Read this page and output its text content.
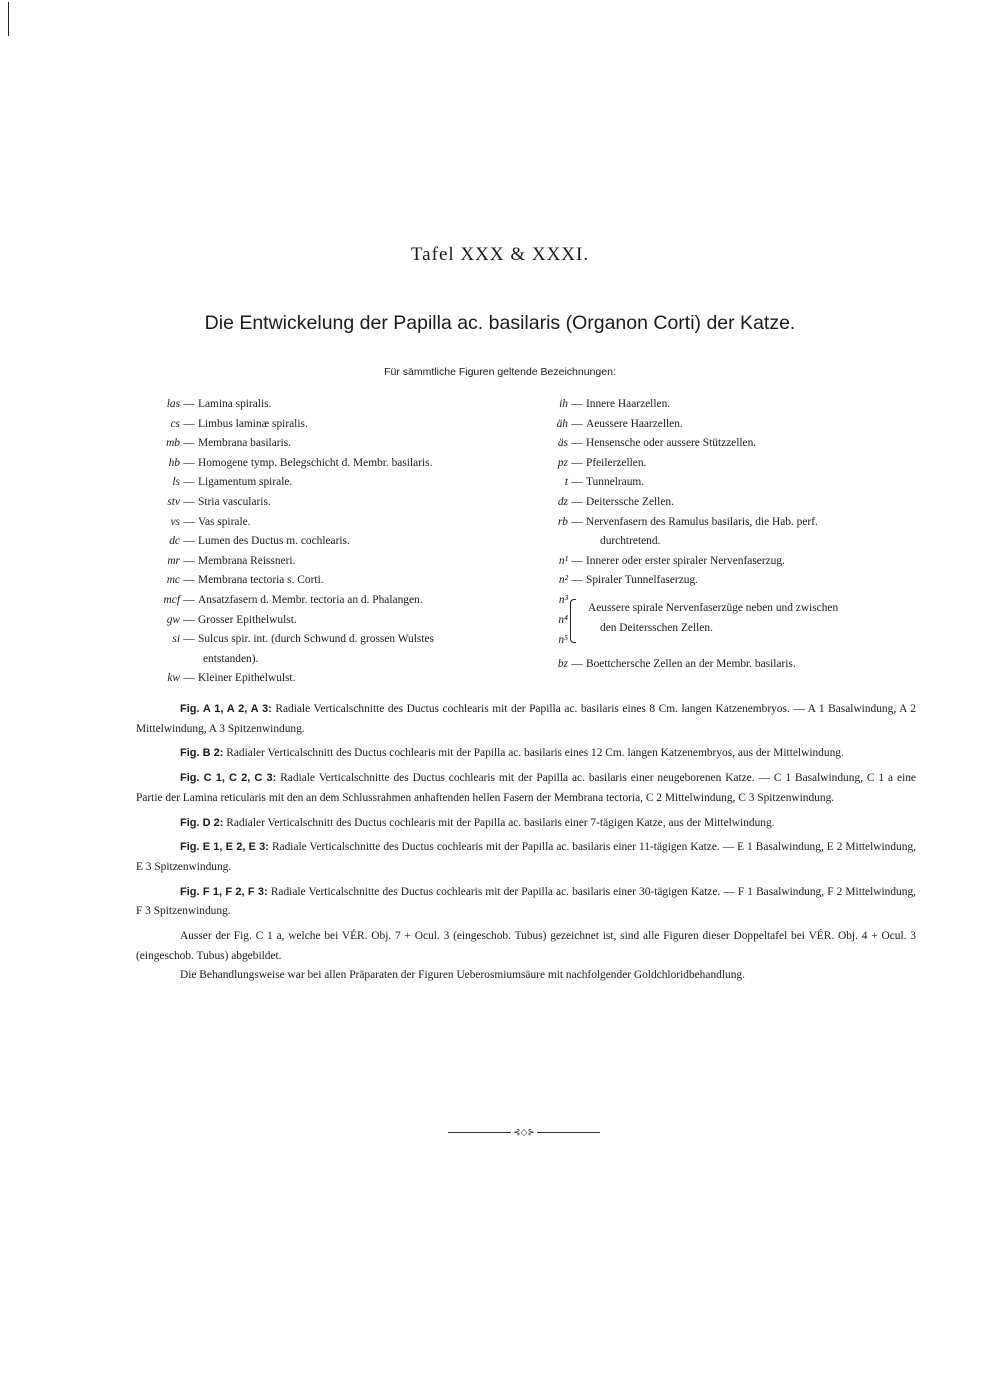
Tafel XXX & XXXI.
Die Entwickelung der Papilla ac. basilaris (Organon Corti) der Katze.
Für sämmtliche Figuren geltende Bezeichnungen:
las — Lamina spiralis.
cs — Limbus laminæ spiralis.
mb — Membrana basilaris.
hb — Homogene tymp. Belegschicht d. Membr. basilaris.
ls — Ligamentum spirale.
stv — Stria vascularis.
vs — Vas spirale.
dc — Lumen des Ductus m. cochlearis.
mr — Membrana Reissneri.
mc — Membrana tectoria s. Corti.
mcf — Ansatzfasern d. Membr. tectoria an d. Phalangen.
gw — Grosser Epithelwulst.
si — Sulcus spir. int. (durch Schwund d. grossen Wulstes
entstanden).
kw — Kleiner Epithelwulst.
ih — Innere Haarzellen.
äh — Aeussere Haarzellen.
äs — Hensensche oder aussere Stützzellen.
pz — Pfeilerzellen.
t — Tunnelraum.
dz — Deiterssche Zellen.
rb — Nervenfasern des Ramulus basilaris, die Hab. perf.
durchtretend.
n¹ — Innerer oder erster spiraler Nervenfaserzug.
n² — Spiraler Tunnelfaserzug.
n³
n⁴
n⁵
Aeussere spirale Nervenfaserzüge neben und zwischen
den Deitersschen Zellen.
bz — Boettchersche Zellen an der Membr. basilaris.

Fig. A 1, A 2, A 3: Radiale Verticalschnitte des Ductus cochlearis mit der Papilla ac. basilaris eines 8 Cm. langen Katzenembryos. — A 1 Basalwindung, A 2 Mittelwindung, A 3 Spitzenwindung.

Fig. B 2: Radialer Verticalschnitt des Ductus cochlearis mit der Papilla ac. basilaris eines 12 Cm. langen Katzenembryos, aus der Mittelwindung.

Fig. C 1, C 2, C 3: Radiale Verticalschnitte des Ductus cochlearis mit der Papilla ac. basilaris einer neugeborenen Katze. — C 1 Basalwindung, C 1 a eine Partie der Lamina reticularis mit den an dem Schlussrahmen anhaftenden hellen Fasern der Membrana tectoria, C 2 Mittelwindung, C 3 Spitzenwindung.

Fig. D 2: Radialer Verticalschnitt des Ductus cochlearis mit der Papilla ac. basilaris einer 7-tägigen Katze, aus der Mittelwindung.

Fig. E 1, E 2, E 3: Radiale Verticalschnitte des Ductus cochlearis mit der Papilla ac. basilaris einer 11-tägigen Katze. — E 1 Basalwindung, E 2 Mittelwindung, E 3 Spitzenwindung.

Fig. F 1, F 2, F 3: Radiale Verticalschnitte des Ductus cochlearis mit der Papilla ac. basilaris einer 30-tägigen Katze. — F 1 Basalwindung, F 2 Mittelwindung, F 3 Spitzenwindung.

Ausser der Fig. C 1 a, welche bei VÉR. Obj. 7 + Ocul. 3 (eingeschob. Tubus) gezeichnet ist, sind alle Figuren dieser Doppeltafel bei VÉR. Obj. 4 + Ocul. 3 (eingeschob. Tubus) abgebildet.

Die Behandlungsweise war bei allen Präparaten der Figuren Ueberosmiumsäure mit nachfolgender Goldchloridbehandlung.

⊰◇⊱
